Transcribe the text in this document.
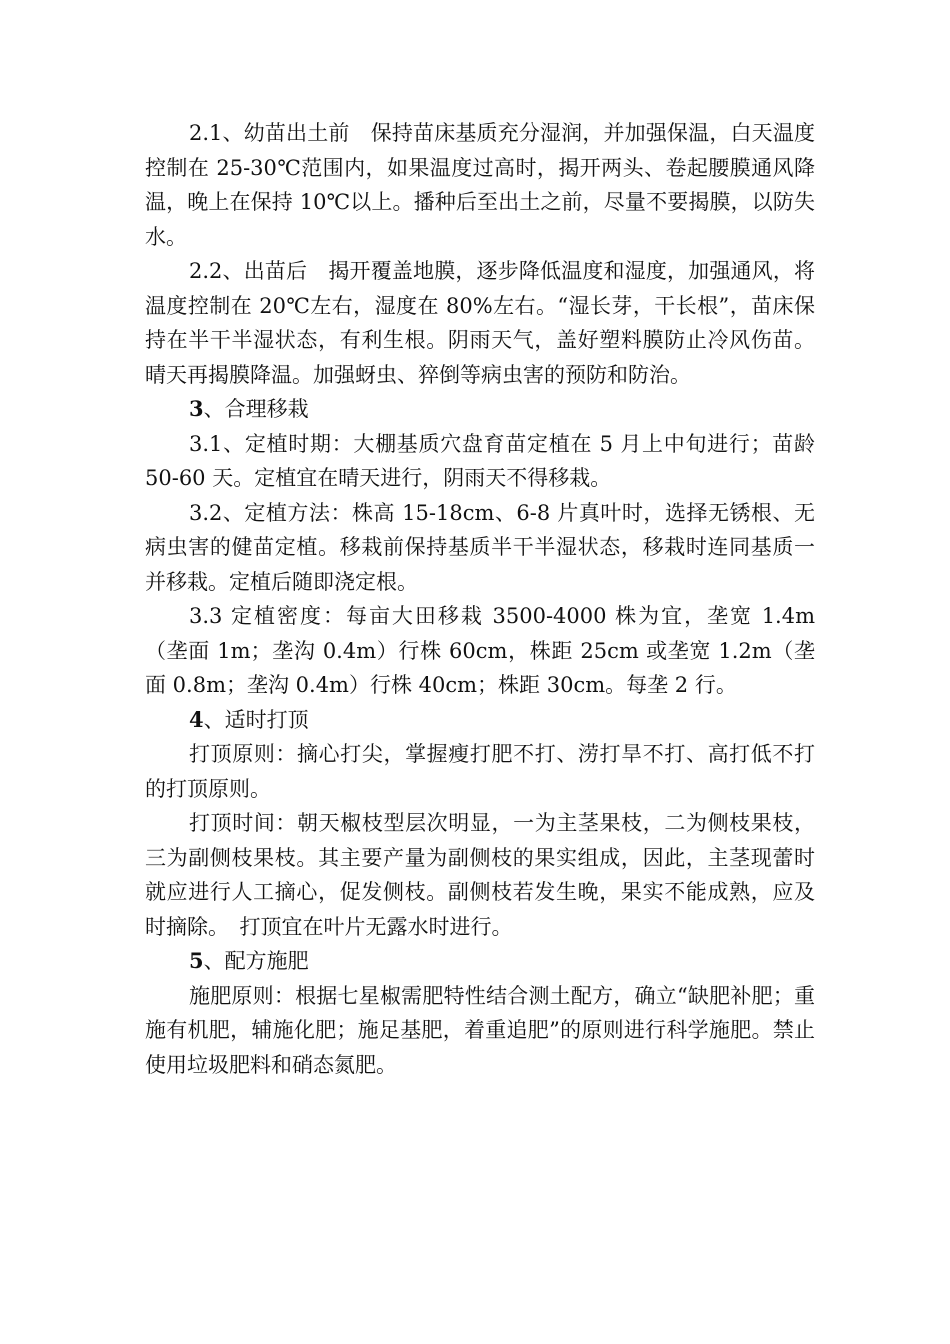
2.1、幼苗出土前　保持苗床基质充分湿润，并加强保温，白天温度控制在 25-30℃范围内，如果温度过高时，揭开两头、卷起腰膜通风降温，晚上在保持 10℃以上。播种后至出土之前，尽量不要揭膜，以防失水。

2.2、出苗后　揭开覆盖地膜，逐步降低温度和湿度，加强通风，将温度控制在 20℃左右，湿度在 80%左右。“湿长芽，干长根”，苗床保持在半干半湿状态，有利生根。阴雨天气，盖好塑料膜防止冷风伤苗。晴天再揭膜降温。加强蚜虫、猝倒等病虫害的预防和防治。

3、合理移栽

3.1、定植时期：大棚基质穴盘育苗定植在 5 月上中旬进行；苗龄 50-60 天。定植宜在晴天进行，阴雨天不得移栽。

3.2、定植方法：株高 15-18cm、6-8 片真叶时，选择无锈根、无病虫害的健苗定植。移栽前保持基质半干半湿状态，移栽时连同基质一并移栽。定植后随即浇定根。

3.3 定植密度：每亩大田移栽 3500-4000 株为宜，垄宽 1.4m（垄面 1m；垄沟 0.4m）行株 60cm，株距 25cm 或垄宽 1.2m（垄面 0.8m；垄沟 0.4m）行株 40cm；株距 30cm。每垄 2 行。

4、适时打顶

打顶原则：摘心打尖，掌握瘦打肥不打、涝打旱不打、高打低不打的打顶原则。

打顶时间：朝天椒枝型层次明显，一为主茎果枝，二为侧枝果枝，三为副侧枝果枝。其主要产量为副侧枝的果实组成，因此，主茎现蕾时就应进行人工摘心，促发侧枝。副侧枝若发生晚，果实不能成熟，应及时摘除。　打顶宜在叶片无露水时进行。

5、配方施肥

施肥原则：根据七星椒需肥特性结合测土配方，确立“缺肥补肥；重施有机肥，辅施化肥；施足基肥，着重追肥”的原则进行科学施肥。禁止使用垃圾肥料和硝态氮肥。
